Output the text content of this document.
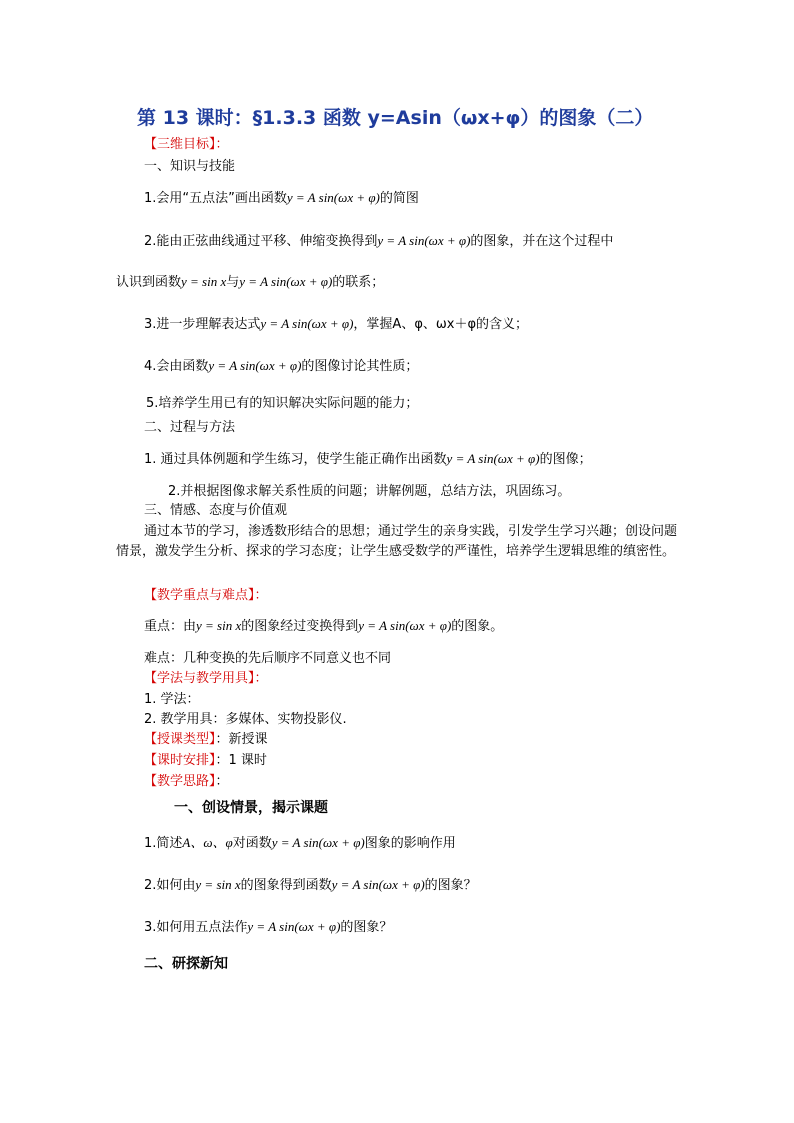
第 13 课时：§1.3.3 函数 y=Asin（ωx+φ）的图象（二）
【三维目标】：
一、知识与技能
1.会用“五点法”画出函数y = A sin(ωx + φ)的简图
2.能由正弦曲线通过平移、伸缩变换得到y = A sin(ωx + φ)的图象，并在这个过程中
认识到函数y = sin x与y = A sin(ωx + φ)的联系；
3.进一步理解表达式y = A sin(ωx + φ)，掌握A、φ、ωx＋φ的含义；
4.会由函数y = A sin(ωx + φ)的图像讨论其性质；
5.培养学生用已有的知识解决实际问题的能力；
二、过程与方法
1. 通过具体例题和学生练习，使学生能正确作出函数y = A sin(ωx + φ)的图像；
2.并根据图像求解关系性质的问题；讲解例题，总结方法，巩固练习。
三、情感、态度与价值观
通过本节的学习，渗透数形结合的思想；通过学生的亲身实践，引发学生学习兴趣；创设问题情景，激发学生分析、探求的学习态度；让学生感受数学的严谨性，培养学生逻辑思维的缜密性。
【教学重点与难点】：
重点：由y = sin x的图象经过变换得到y = A sin(ωx + φ)的图象。
难点：几种变换的先后顺序不同意义也不同
【学法与教学用具】：
1. 学法：
2. 教学用具：多媒体、实物投影仪.
【授课类型】：新授课
【课时安排】：1 课时
【教学思路】：
一、创设情景，揭示课题
1.简述A、ω、φ对函数y = A sin(ωx + φ)图象的影响作用
2.如何由y = sin x的图象得到函数y = A sin(ωx + φ)的图象？
3.如何用五点法作y = A sin(ωx + φ)的图象？
二、研探新知
